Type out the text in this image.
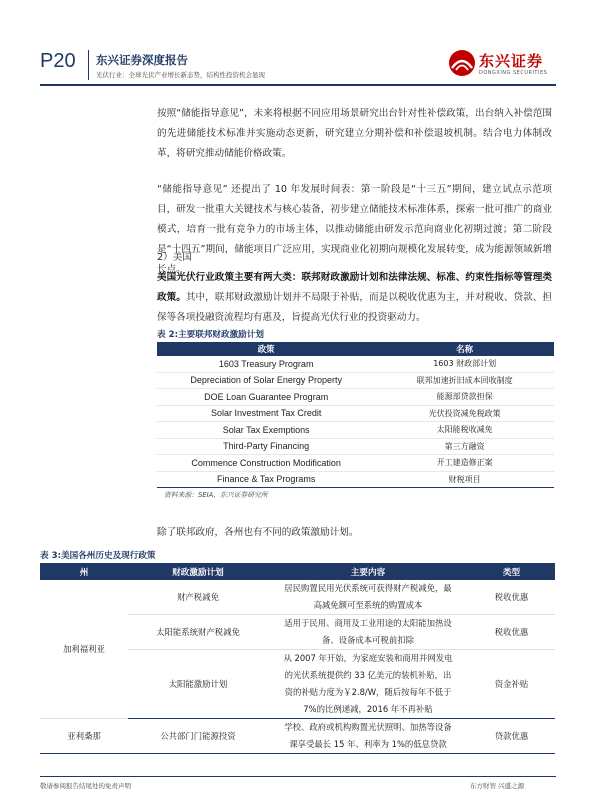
P20 东兴证券深度报告
光伏行业：全球光伏产业增长新态势，结构性投资机会显现
东兴证券
DONGXING SECURITIES
按照“储能指导意见”，未来将根据不同应用场景研究出台针对性补偿政策，出台纳入补偿范围的先进储能技术标准并实施动态更新，研究建立分期补偿和补偿退坡机制。结合电力体制改革，将研究推动储能价格政策。
“储能指导意见” 还提出了 10 年发展时间表：第一阶段是“十三五”期间，建立试点示范项目，研发一批重大关键技术与核心装备，初步建立储能技术标准体系，探索一批可推广的商业模式，培育一批有竞争力的市场主体，以推动储能由研发示范向商业化初期过渡；第二阶段是“十四五”期间，储能项目广泛应用，实现商业化初期向规模化发展转变，成为能源领域新增长点。
2）美国
美国光伏行业政策主要有两大类：联邦财政激励计划和法律法规、标准、约束性指标等管理类政策。其中，联邦财政激励计划并不局限于补贴，而是以税收优惠为主，并对税收、贷款、担保等各项投融资流程均有惠及，旨提高光伏行业的投资驱动力。
表 2:主要联邦财政激励计划
政策	名称
1603 Treasury Program	1603 财政部计划
Depreciation of Solar Energy Property	联邦加速折旧成本回收制度
DOE Loan Guarantee Program	能源部贷款担保
Solar Investment Tax Credit	光伏投资减免税政策
Solar Tax Exemptions	太阳能税收减免
Third-Party Financing	第三方融资
Commence Construction Modification	开工建造修正案
Finance & Tax Programs	财税项目
资料来源：SEIA，东兴证券研究所
除了联邦政府，各州也有不同的政策激励计划。
表 3:美国各州历史及现行政策
州	财政激励计划	主要内容	类型
加利福利亚	财产税减免	居民购置民用光伏系统可获得财产税减免，最
高减免额可至系统的购置成本	税收优惠
	太阳能系统财产税减免	适用于民用、商用及工业用途的太阳能加热设
备、设备成本可税前扣除	税收优惠
	太阳能激励计划	从 2007 年开始，为家庭安装和商用并网发电
的光伏系统提供约 33 亿美元的装机补贴，出
资的补贴力度为￥2.8/W，随后按每年不低于
7%的比例递减，2016 年不再补贴	资金补贴
亚利桑那	公共部门门能源投资	学校、政府或机构购置光伏照明、加热等设备
课享受最长 15 年、利率为 1%的低息贷款	贷款优惠
敬请参阅报告结尾处的免责声明	东方财智 兴盛之源
